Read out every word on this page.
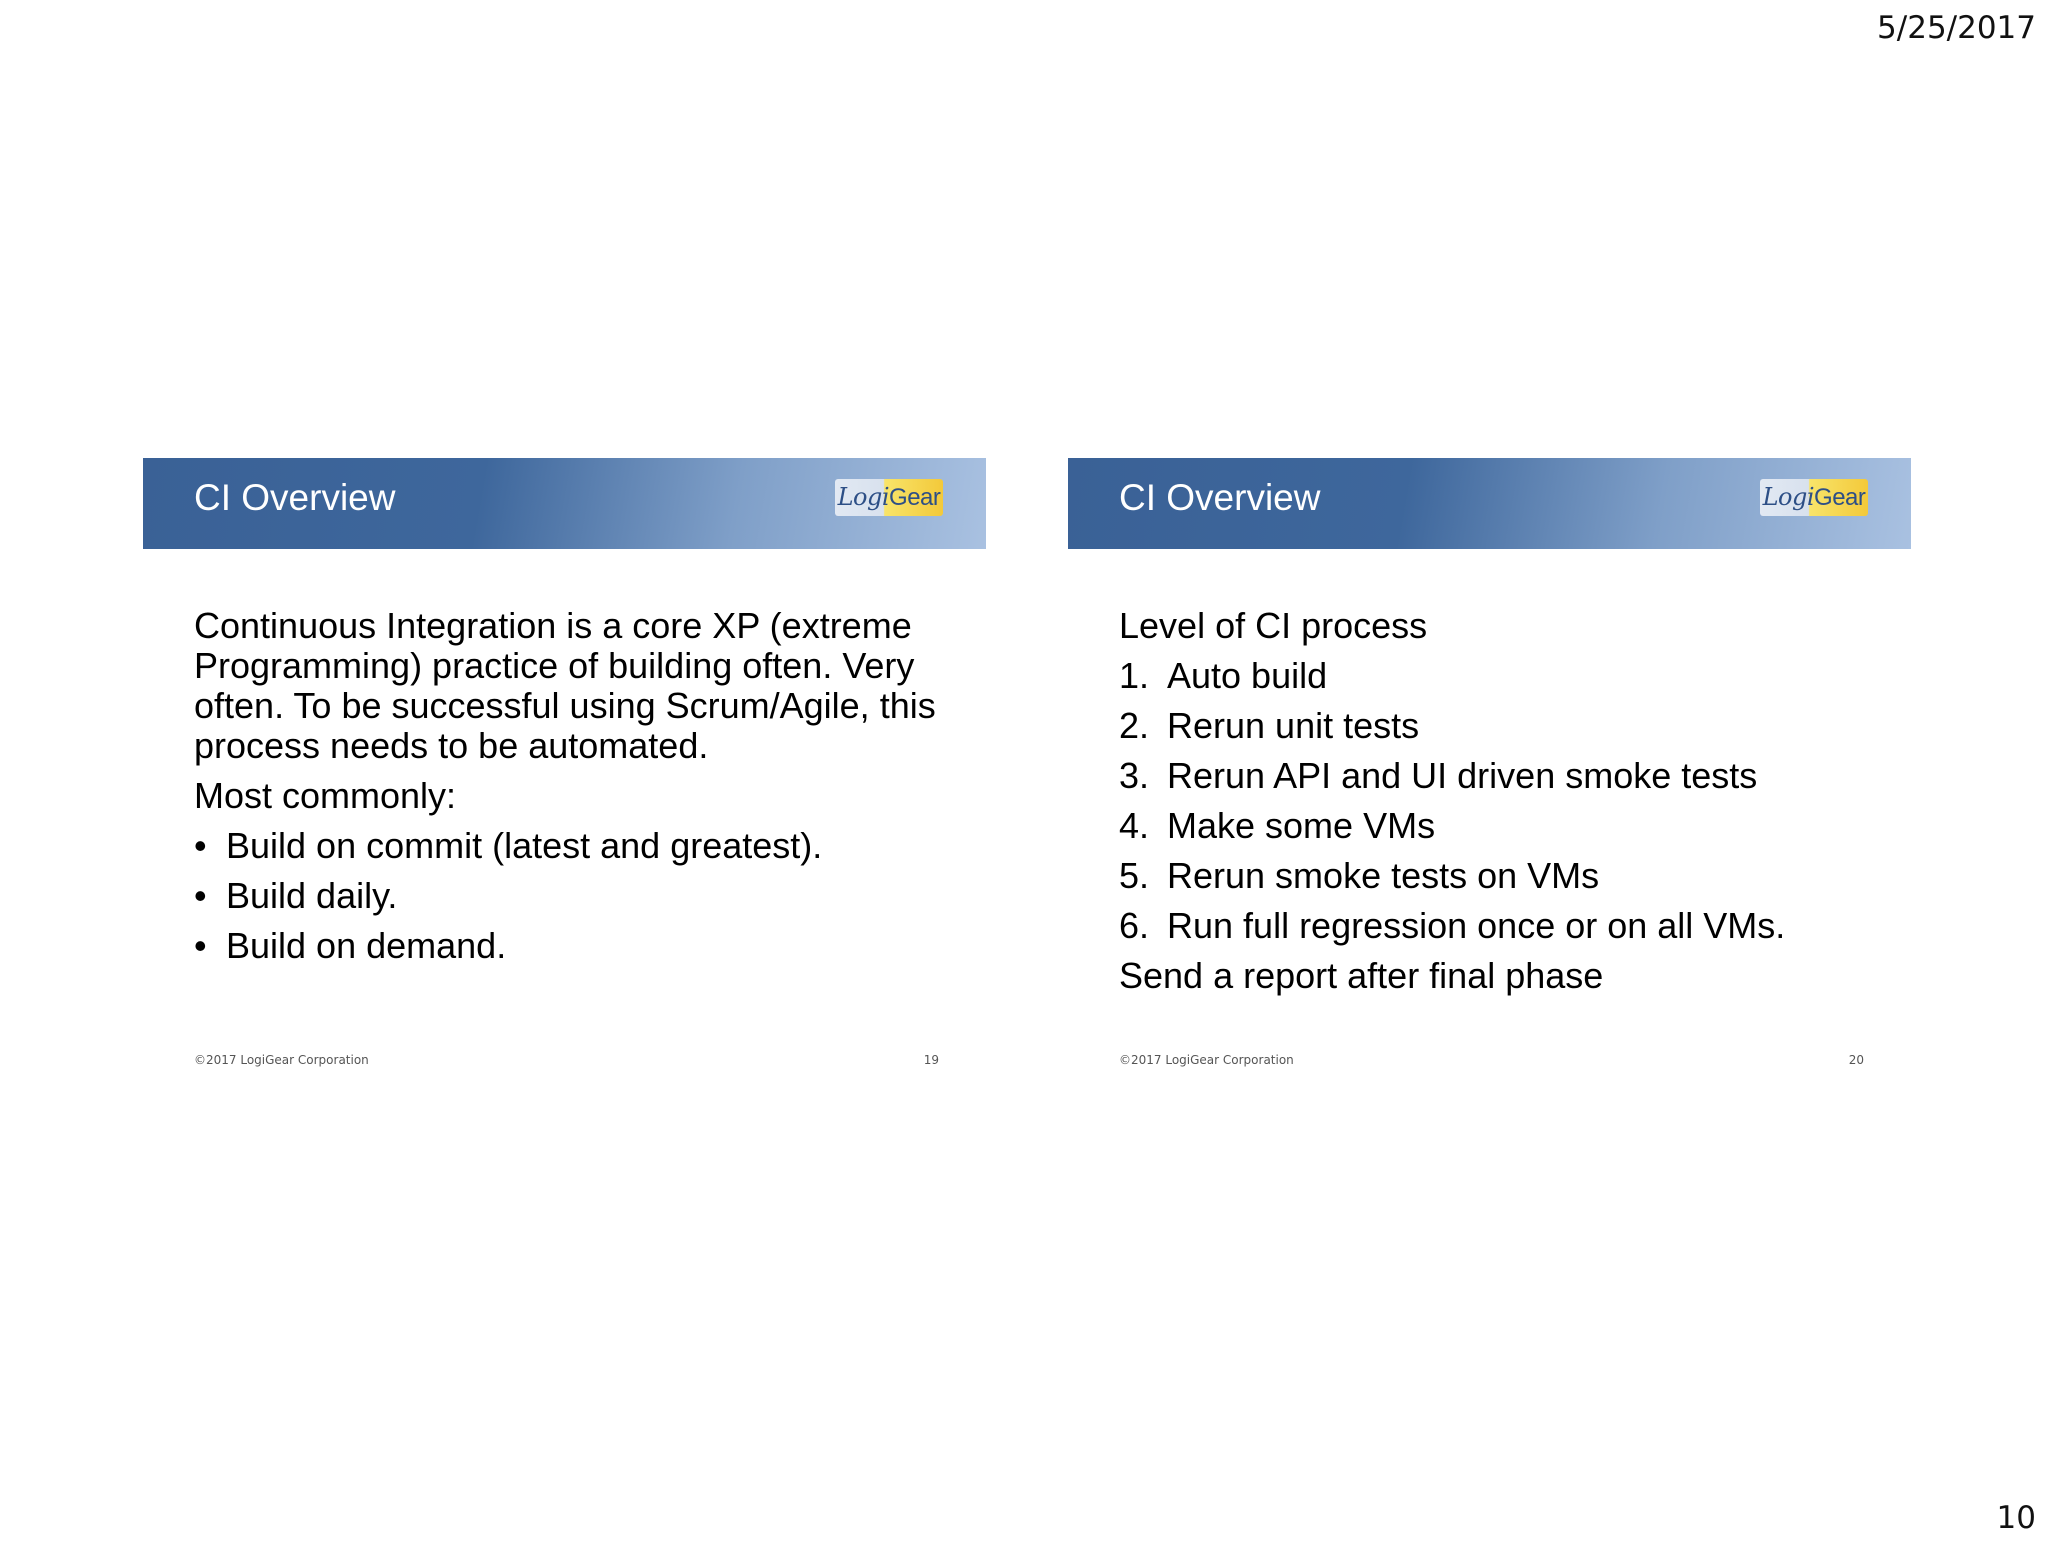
5/25/2017
CI Overview	LogiGear

Continuous Integration is a core XP (extreme Programming) practice of building often. Very often. To be successful using Scrum/Agile, this process needs to be automated.

Most commonly:
• Build on commit (latest and greatest).
• Build daily.
• Build on demand.
©2017 LogiGear Corporation	19
CI Overview	LogiGear
Level of CI process
1. Auto build
2. Rerun unit tests
3. Rerun API and UI driven smoke tests
4. Make some VMs
5. Rerun smoke tests on VMs
6. Run full regression once or on all VMs.
Send a report after final phase
©2017 LogiGear Corporation	20
10
